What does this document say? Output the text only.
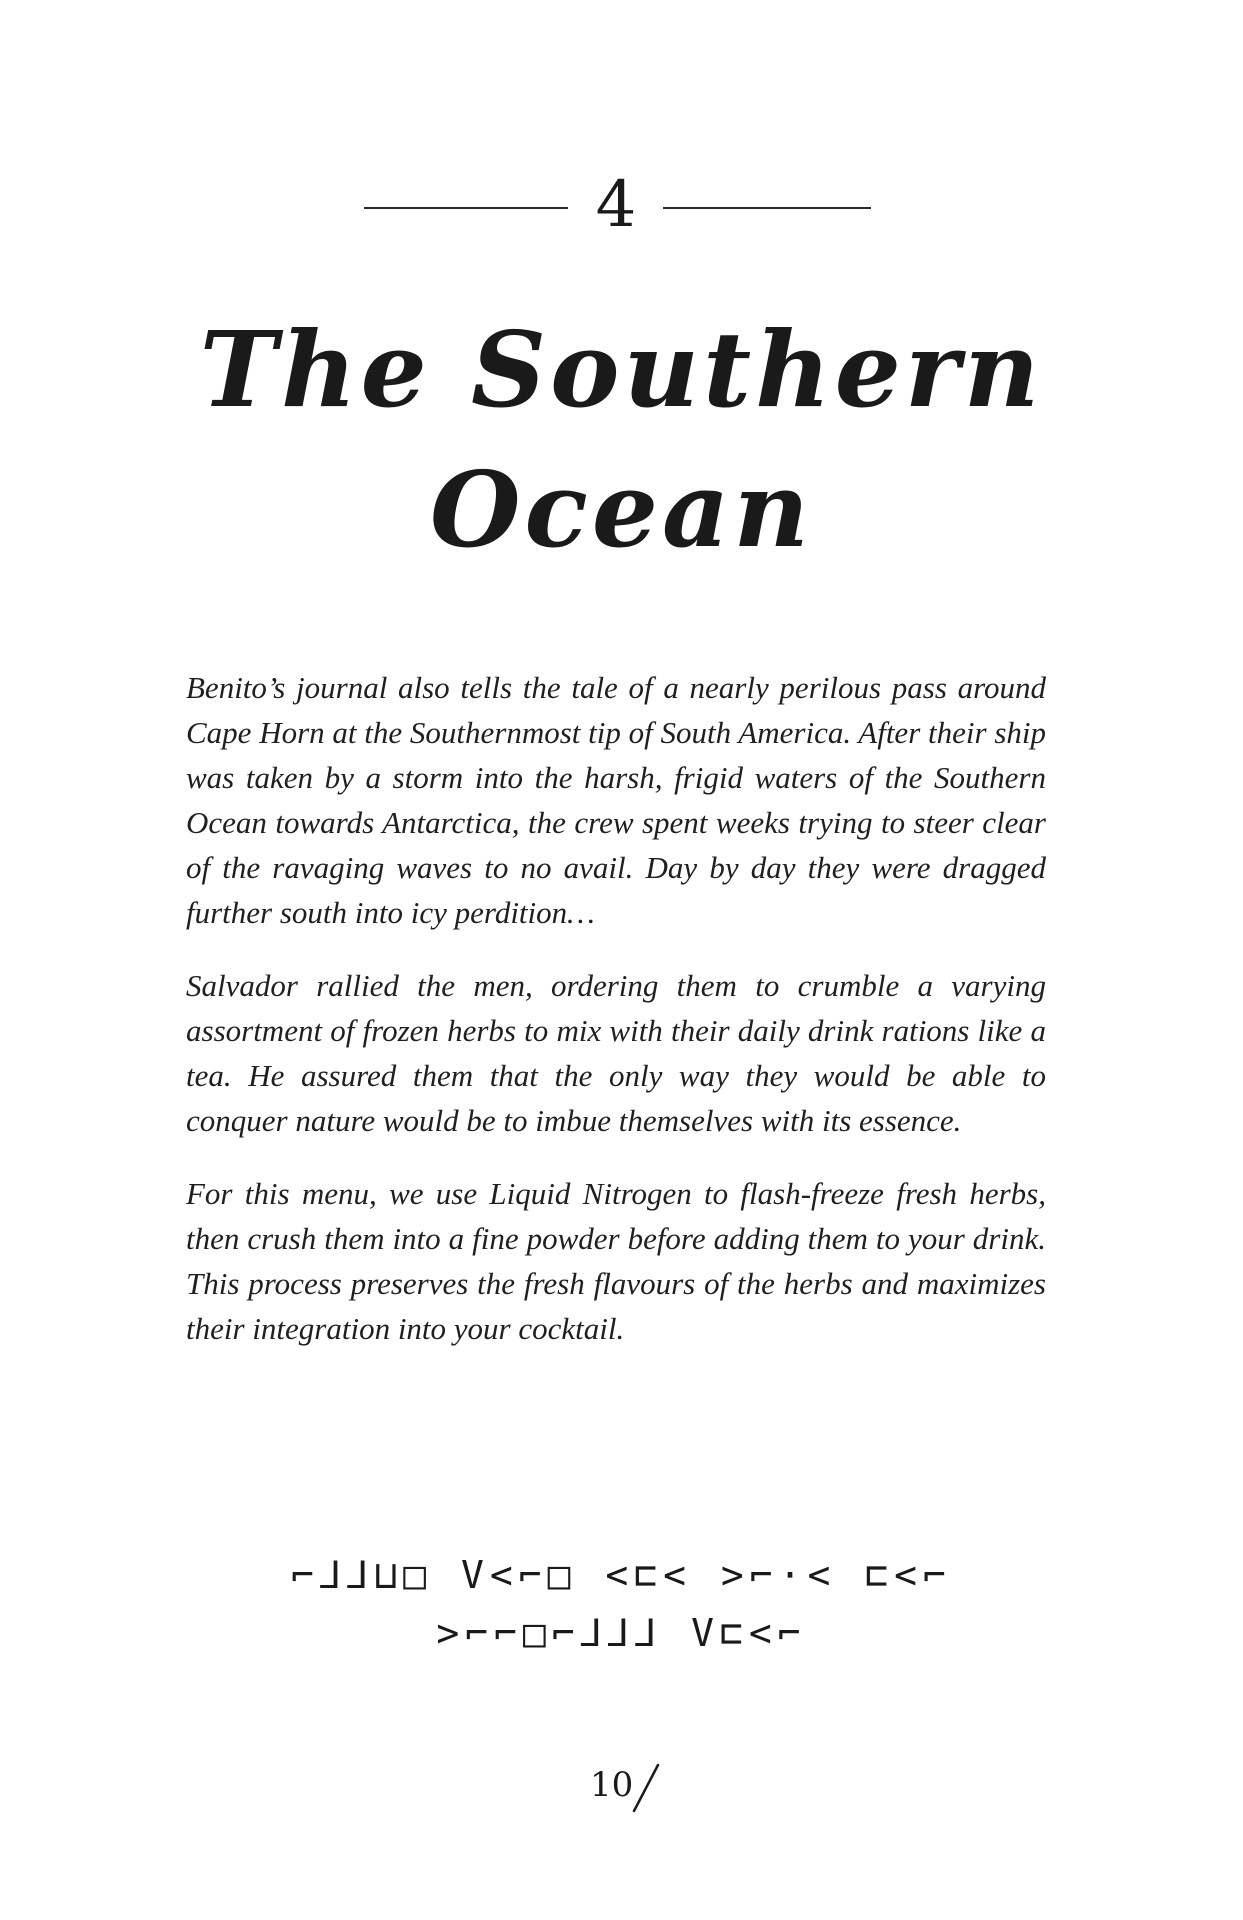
4
The Southern
Ocean

Benito’s journal also tells the tale of a nearly perilous pass around Cape Horn at the Southernmost tip of South America. After their ship was taken by a storm into the harsh, frigid waters of the Southern Ocean towards Antarctica, the crew spent weeks trying to steer clear of the ravaging waves to no avail. Day by day they were dragged further south into icy perdition…

Salvador rallied the men, ordering them to crumble a varying assortment of frozen herbs to mix with their daily drink rations like a tea. He assured them that the only way they would be able to conquer nature would be to imbue themselves with its essence.

For this menu, we use Liquid Nitrogen to flash-freeze fresh herbs, then crush them into a fine powder before adding them to your drink. This process preserves the fresh flavours of the herbs and maximizes their integration into your cocktail.

⌐⅃⅃⊔□ V<⌐□ <⊏< >⌐⋅< ⊏<⌐
>⌐⌐□⌐⅃⅃⅃ V⊏<⌐
10
